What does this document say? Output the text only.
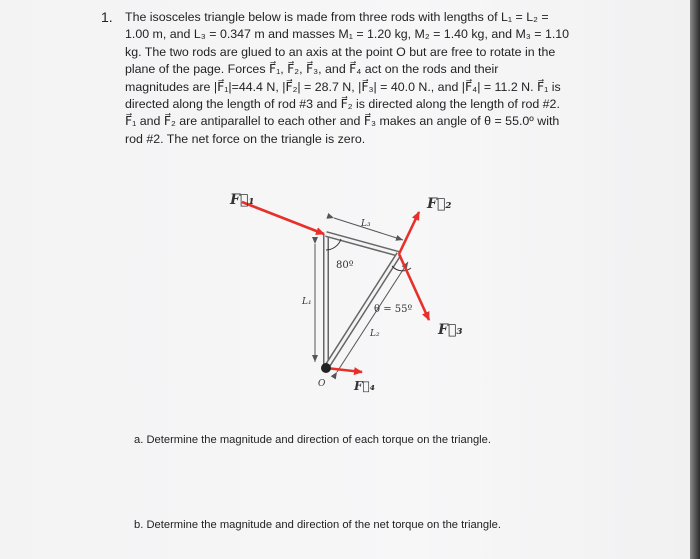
1. The isosceles triangle below is made from three rods with lengths of L₁ = L₂ =
1.00 m, and L₃ = 0.347 m and masses M₁ = 1.20 kg, M₂ = 1.40 kg, and M₃ = 1.10
kg. The two rods are glued to an axis at the point O but are free to rotate in the
plane of the page. Forces F⃗₁, F⃗₂, F⃗₃, and F⃗₄ act on the rods and their
magnitudes are |F⃗₁|=44.4 N, |F⃗₂| = 28.7 N, |F⃗₃| = 40.0 N., and |F⃗₄| = 11.2 N. F⃗₁ is
directed along the length of rod #3 and F⃗₂ is directed along the length of rod #2.
F⃗₁ and F⃗₂ are antiparallel to each other and F⃗₃ makes an angle of θ = 55.0º with
rod #2. The net force on the triangle is zero.
F⃗₁	F⃗₂
F⃗₃
F⃗₄
L₁
L₂
L₃
80º
θ = 55º
O
a. Determine the magnitude and direction of each torque on the triangle.
b. Determine the magnitude and direction of the net torque on the triangle.
